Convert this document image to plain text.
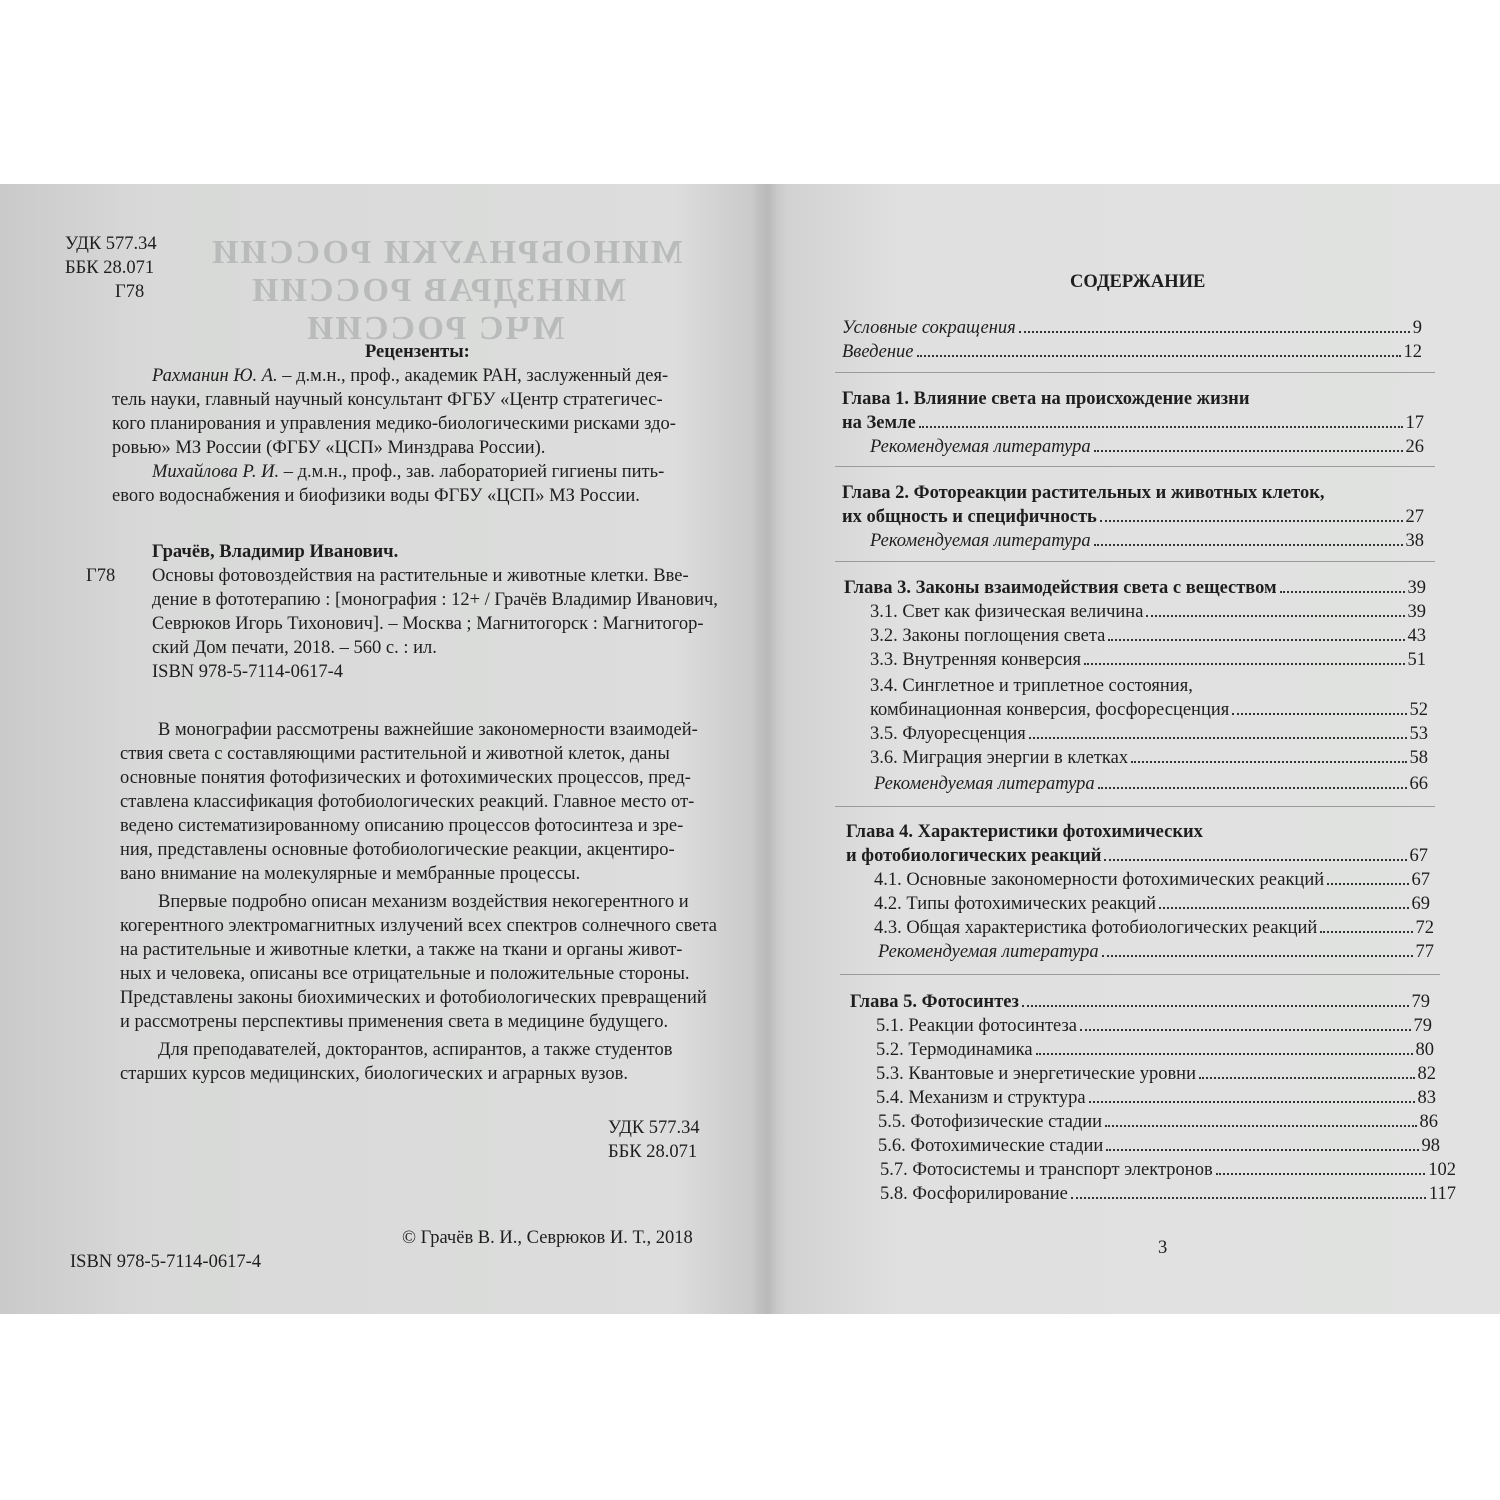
МИНОБРНАУКИ РОССИИ
МИНЗДРАВ РОССИИ
МЧС РОССИИ
УДК 577.34
ББК 28.071
Г78
Рецензенты:
Рахманин Ю. А. – д.м.н., проф., академик РАН, заслуженный дея-
тель науки, главный научный консультант ФГБУ «Центр стратегичес-
кого планирования и управления медико-биологическими рисками здо-
ровью» МЗ России (ФГБУ «ЦСП» Минздрава России).
Михайлова Р. И. – д.м.н., проф., зав. лабораторией гигиены пить-
евого водоснабжения и биофизики воды ФГБУ «ЦСП» МЗ России.
Грачёв, Владимир Иванович.
Г78 Основы фотовоздействия на растительные и животные клетки. Вве-
дение в фототерапию : [монография : 12+ / Грачёв Владимир Иванович,
Севрюков Игорь Тихонович]. – Москва ; Магнитогорск : Магнитогор-
ский Дом печати, 2018. – 560 с. : ил.
ISBN 978-5-7114-0617-4
В монографии рассмотрены важнейшие закономерности взаимодей-
ствия света с составляющими растительной и животной клеток, даны
основные понятия фотофизических и фотохимических процессов, пред-
ставлена классификация фотобиологических реакций. Главное место от-
ведено систематизированному описанию процессов фотосинтеза и зре-
ния, представлены основные фотобиологические реакции, акцентиро-
вано внимание на молекулярные и мембранные процессы.
Впервые подробно описан механизм воздействия некогерентного и
когерентного электромагнитных излучений всех спектров солнечного света
на растительные и животные клетки, а также на ткани и органы живот-
ных и человека, описаны все отрицательные и положительные стороны.
Представлены законы биохимических и фотобиологических превращений
и рассмотрены перспективы применения света в медицине будущего.
Для преподавателей, докторантов, аспирантов, а также студентов
старших курсов медицинских, биологических и аграрных вузов.
УДК 577.34
ББК 28.071
ISBN 978-5-7114-0617-4
© Грачёв В. И., Севрюков И. Т., 2018
СОДЕРЖАНИЕ
Условные сокращения	9
Введение	12
Глава 1. Влияние света на происхождение жизни
на Земле	17
Рекомендуемая литература	26
Глава 2. Фотореакции растительных и животных клеток,
их общность и специфичность	27
Рекомендуемая литература	38
Глава 3. Законы взаимодействия света с веществом	39
3.1. Свет как физическая величина	39
3.2. Законы поглощения света	43
3.3. Внутренняя конверсия	51
3.4. Синглетное и триплетное состояния,
комбинационная конверсия, фосфоресценция	52
3.5. Флуоресценция	53
3.6. Миграция энергии в клетках	58
Рекомендуемая литература	66
Глава 4. Характеристики фотохимических
и фотобиологических реакций	67
4.1. Основные закономерности фотохимических реакций	67
4.2. Типы фотохимических реакций	69
4.3. Общая характеристика фотобиологических реакций	72
Рекомендуемая литература	77
Глава 5. Фотосинтез	79
5.1. Реакции фотосинтеза	79
5.2. Термодинамика	80
5.3. Квантовые и энергетические уровни	82
5.4. Механизм и структура	83
5.5. Фотофизические стадии	86
5.6. Фотохимические стадии	98
5.7. Фотосистемы и транспорт электронов	102
5.8. Фосфорилирование	117
3
